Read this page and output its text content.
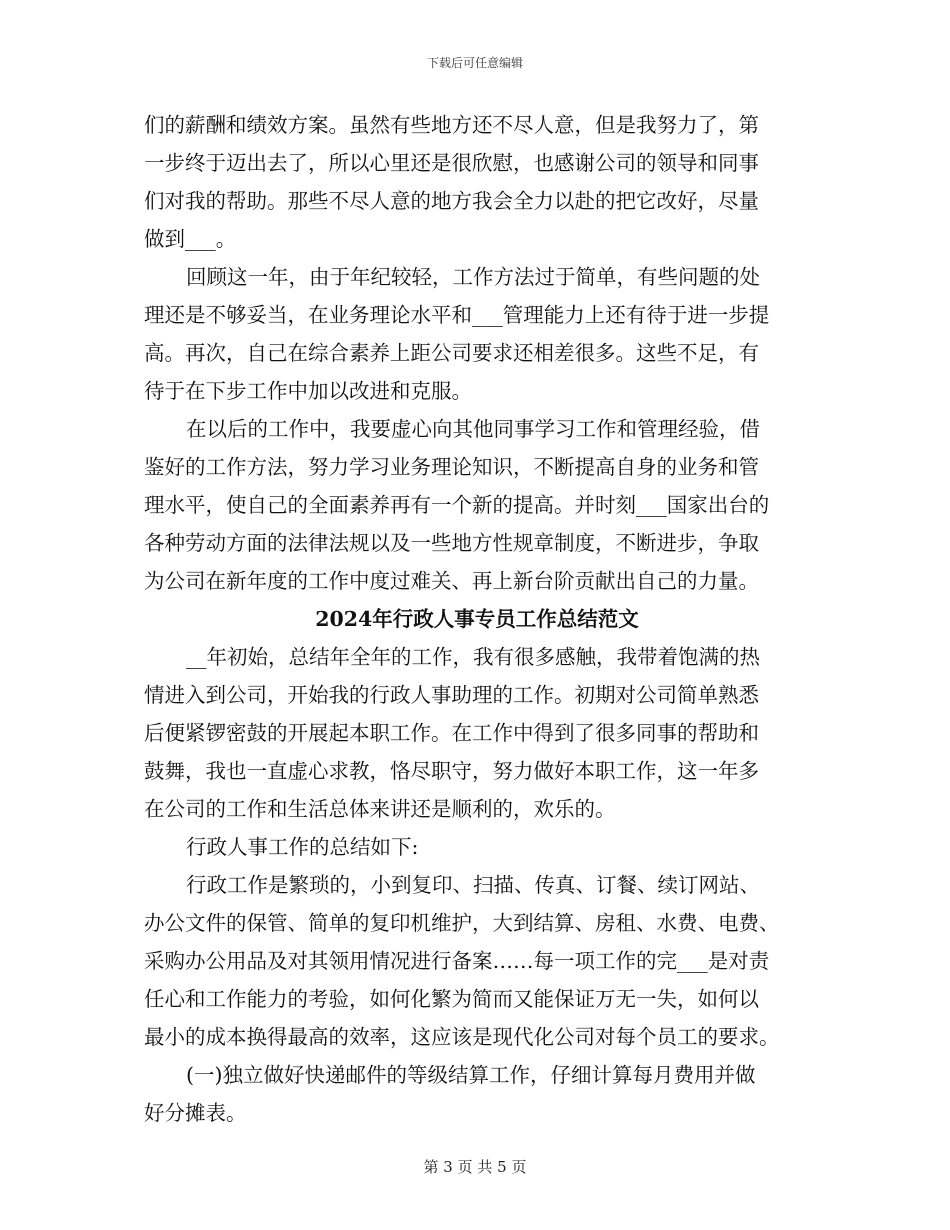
下载后可任意编辑
们的薪酬和绩效方案。虽然有些地方还不尽人意，但是我努力了，第
一步终于迈出去了，所以心里还是很欣慰，也感谢公司的领导和同事
们对我的帮助。那些不尽人意的地方我会全力以赴的把它改好，尽量
做到___。
回顾这一年，由于年纪较轻，工作方法过于简单，有些问题的处
理还是不够妥当，在业务理论水平和___管理能力上还有待于进一步提
高。再次，自己在综合素养上距公司要求还相差很多。这些不足，有
待于在下步工作中加以改进和克服。
在以后的工作中，我要虚心向其他同事学习工作和管理经验，借
鉴好的工作方法，努力学习业务理论知识，不断提高自身的业务和管
理水平，使自己的全面素养再有一个新的提高。并时刻___国家出台的
各种劳动方面的法律法规以及一些地方性规章制度，不断进步，争取
为公司在新年度的工作中度过难关、再上新台阶贡献出自己的力量。
2024年行政人事专员工作总结范文
__年初始，总结年全年的工作，我有很多感触，我带着饱满的热
情进入到公司，开始我的行政人事助理的工作。初期对公司简单熟悉
后便紧锣密鼓的开展起本职工作。在工作中得到了很多同事的帮助和
鼓舞，我也一直虚心求教，恪尽职守，努力做好本职工作，这一年多
在公司的工作和生活总体来讲还是顺利的，欢乐的。
行政人事工作的总结如下:
行政工作是繁琐的，小到复印、扫描、传真、订餐、续订网站、
办公文件的保管、简单的复印机维护，大到结算、房租、水费、电费、
采购办公用品及对其领用情况进行备案……每一项工作的完___是对责
任心和工作能力的考验，如何化繁为简而又能保证万无一失，如何以
最小的成本换得最高的效率，这应该是现代化公司对每个员工的要求。
(一)独立做好快递邮件的等级结算工作，仔细计算每月费用并做
好分摊表。
第 3 页 共 5 页
